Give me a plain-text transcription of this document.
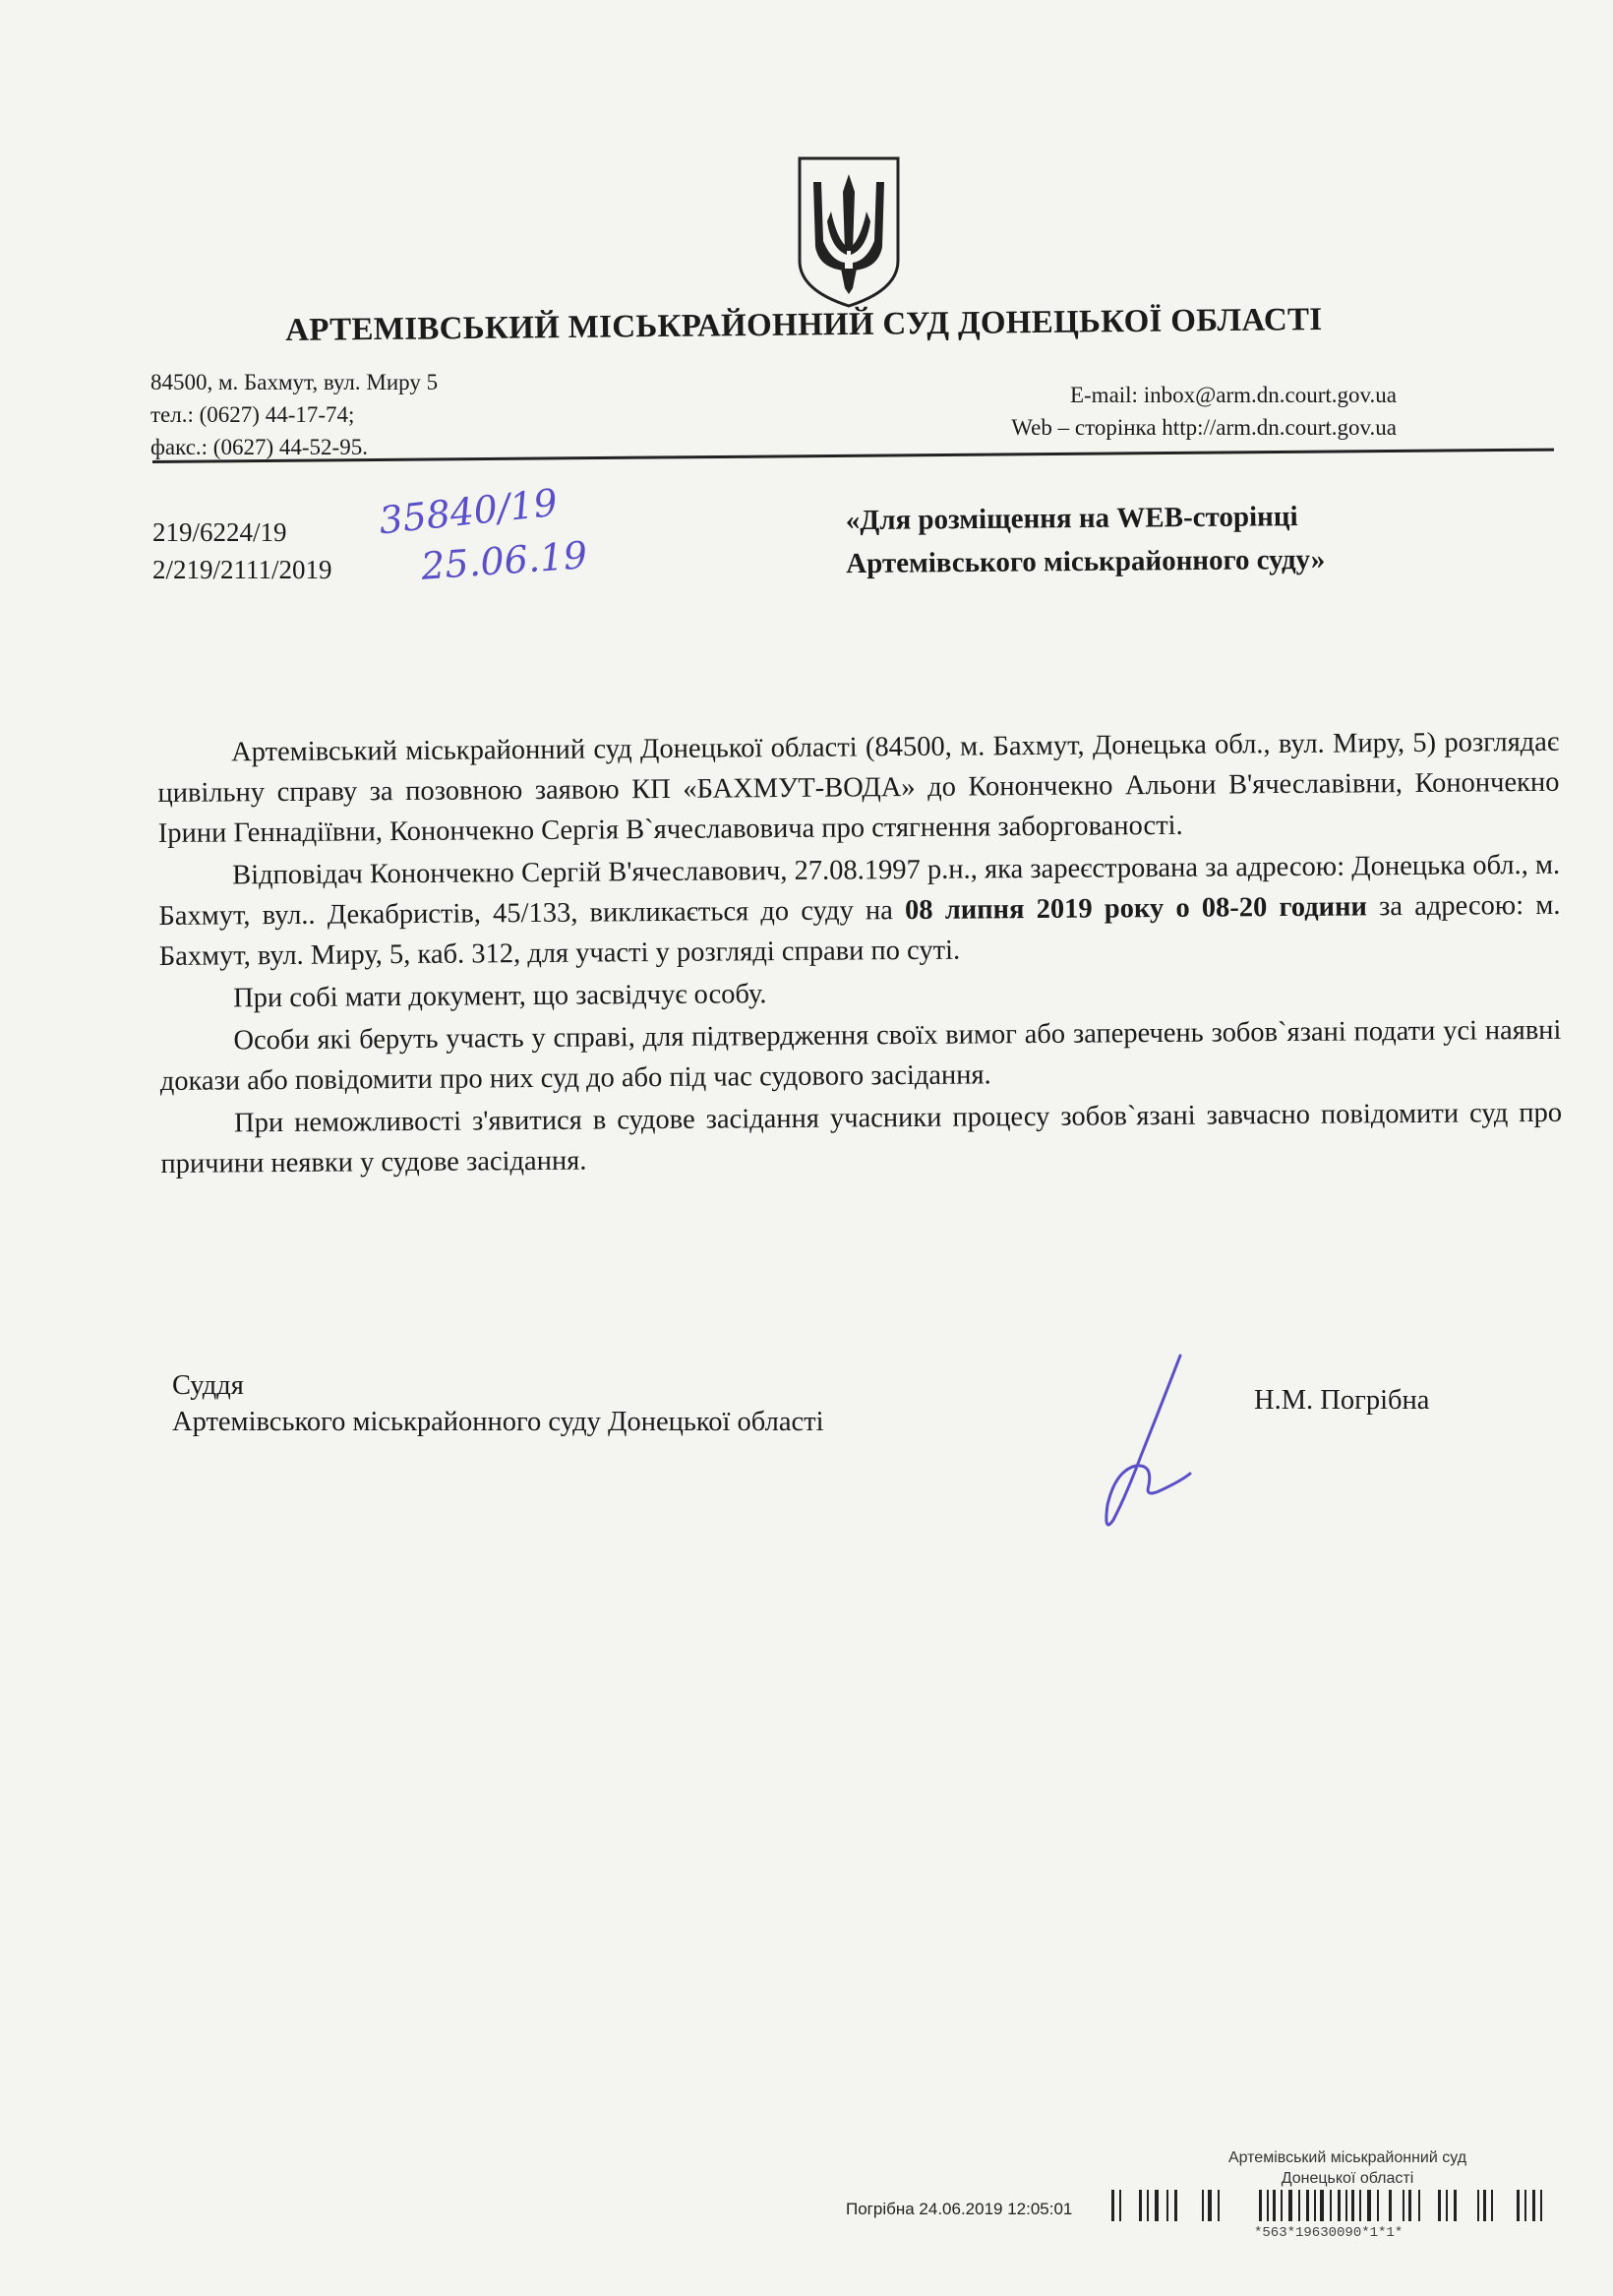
АРТЕМІВСЬКИЙ МІСЬКРАЙОННИЙ СУД ДОНЕЦЬКОЇ ОБЛАСТІ
84500, м. Бахмут, вул. Миру 5
тел.: (0627) 44-17-74;
факс.: (0627) 44-52-95.
E-mail: inbox@arm.dn.court.gov.ua
Web – сторінка http://arm.dn.court.gov.ua
219/6224/19
2/219/2111/2019
35840/19
25.06.19
«Для розміщення на WEB-сторінці
Артемівського міськрайонного суду»

Артемівський міськрайонний суд Донецької області (84500, м. Бахмут, Донецька обл., вул. Миру, 5) розглядає цивільну справу за позовною заявою КП «БАХМУТ-ВОДА» до Конончекно Альони В'ячеславівни, Конончекно Ірини Геннадіївни, Конончекно Сергія В`ячеславовича про стягнення заборгованості.

Відповідач Конончекно Сергій В'ячеславович, 27.08.1997 р.н., яка зареєстрована за адресою: Донецька обл., м. Бахмут, вул.. Декабристів, 45/133, викликається до суду на 08 липня 2019 року о 08-20 години за адресою: м. Бахмут, вул. Миру, 5, каб. 312, для участі у розгляді справи по суті.

При собі мати документ, що засвідчує особу.

Особи які беруть участь у справі, для підтвердження своїх вимог або заперечень зобов`язані подати усі наявні докази або повідомити про них суд до або під час судового засідання.

При неможливості з'явитися в судове засідання учасники процесу зобов`язані завчасно повідомити суд про причини неявки у судове засідання.

Суддя
Артемівського міськрайонного суду Донецької області
Н.М. Погрібна
Артемівський міськрайонний суд
Донецької області
Погрібна 24.06.2019 12:05:01
*563*19630090*1*1*
